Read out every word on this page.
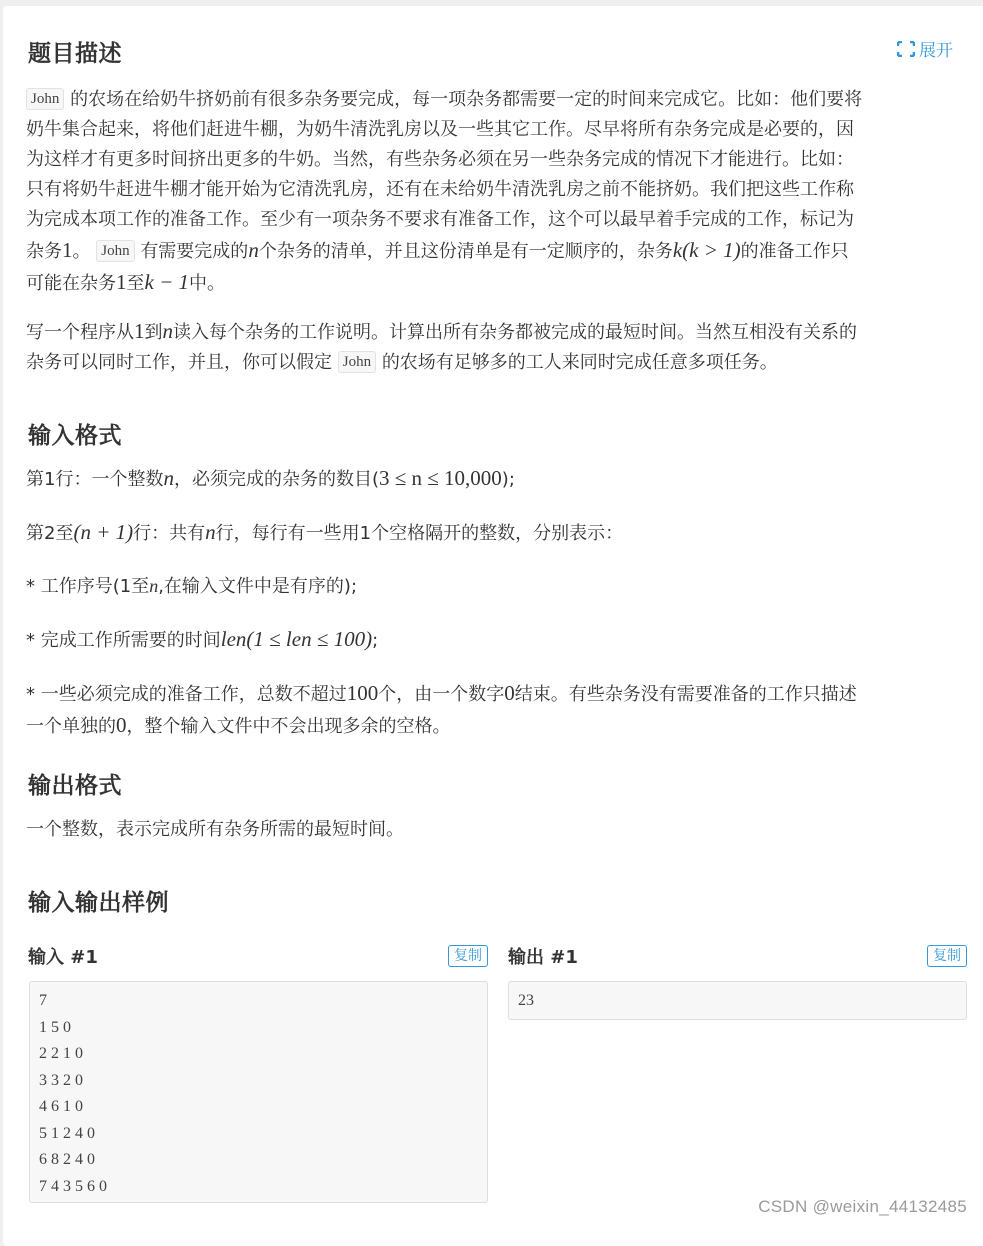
题目描述	展开

John 的农场在给奶牛挤奶前有很多杂务要完成，每一项杂务都需要一定的时间来完成它。比如：他们要将
奶牛集合起来，将他们赶进牛棚，为奶牛清洗乳房以及一些其它工作。尽早将所有杂务完成是必要的，因
为这样才有更多时间挤出更多的牛奶。当然，有些杂务必须在另一些杂务完成的情况下才能进行。比如：
只有将奶牛赶进牛棚才能开始为它清洗乳房，还有在未给奶牛清洗乳房之前不能挤奶。我们把这些工作称
为完成本项工作的准备工作。至少有一项杂务不要求有准备工作，这个可以最早着手完成的工作，标记为
杂务1。 John 有需要完成的n个杂务的清单，并且这份清单是有一定顺序的，杂务k(k > 1)的准备工作只
可能在杂务1至k − 1中。

写一个程序从1到n读入每个杂务的工作说明。计算出所有杂务都被完成的最短时间。当然互相没有关系的
杂务可以同时工作，并且，你可以假定 John 的农场有足够多的工人来同时完成任意多项任务。

输入格式

第1行：一个整数n，必须完成的杂务的数目(3 ≤ n ≤ 10,000);

第2至(n + 1)行：共有n行，每行有一些用1个空格隔开的整数，分别表示：

* 工作序号(1至n,在输入文件中是有序的);

* 完成工作所需要的时间len(1 ≤ len ≤ 100);

* 一些必须完成的准备工作，总数不超过100个，由一个数字0结束。有些杂务没有需要准备的工作只描述
一个单独的0，整个输入文件中不会出现多余的空格。

输出格式

一个整数，表示完成所有杂务所需的最短时间。

输入输出样例
输入 #1	复制
7
1 5 0
2 2 1 0
3 3 2 0
4 6 1 0
5 1 2 4 0
6 8 2 4 0
7 4 3 5 6 0
输出 #1	复制
23
CSDN @weixin_44132485
